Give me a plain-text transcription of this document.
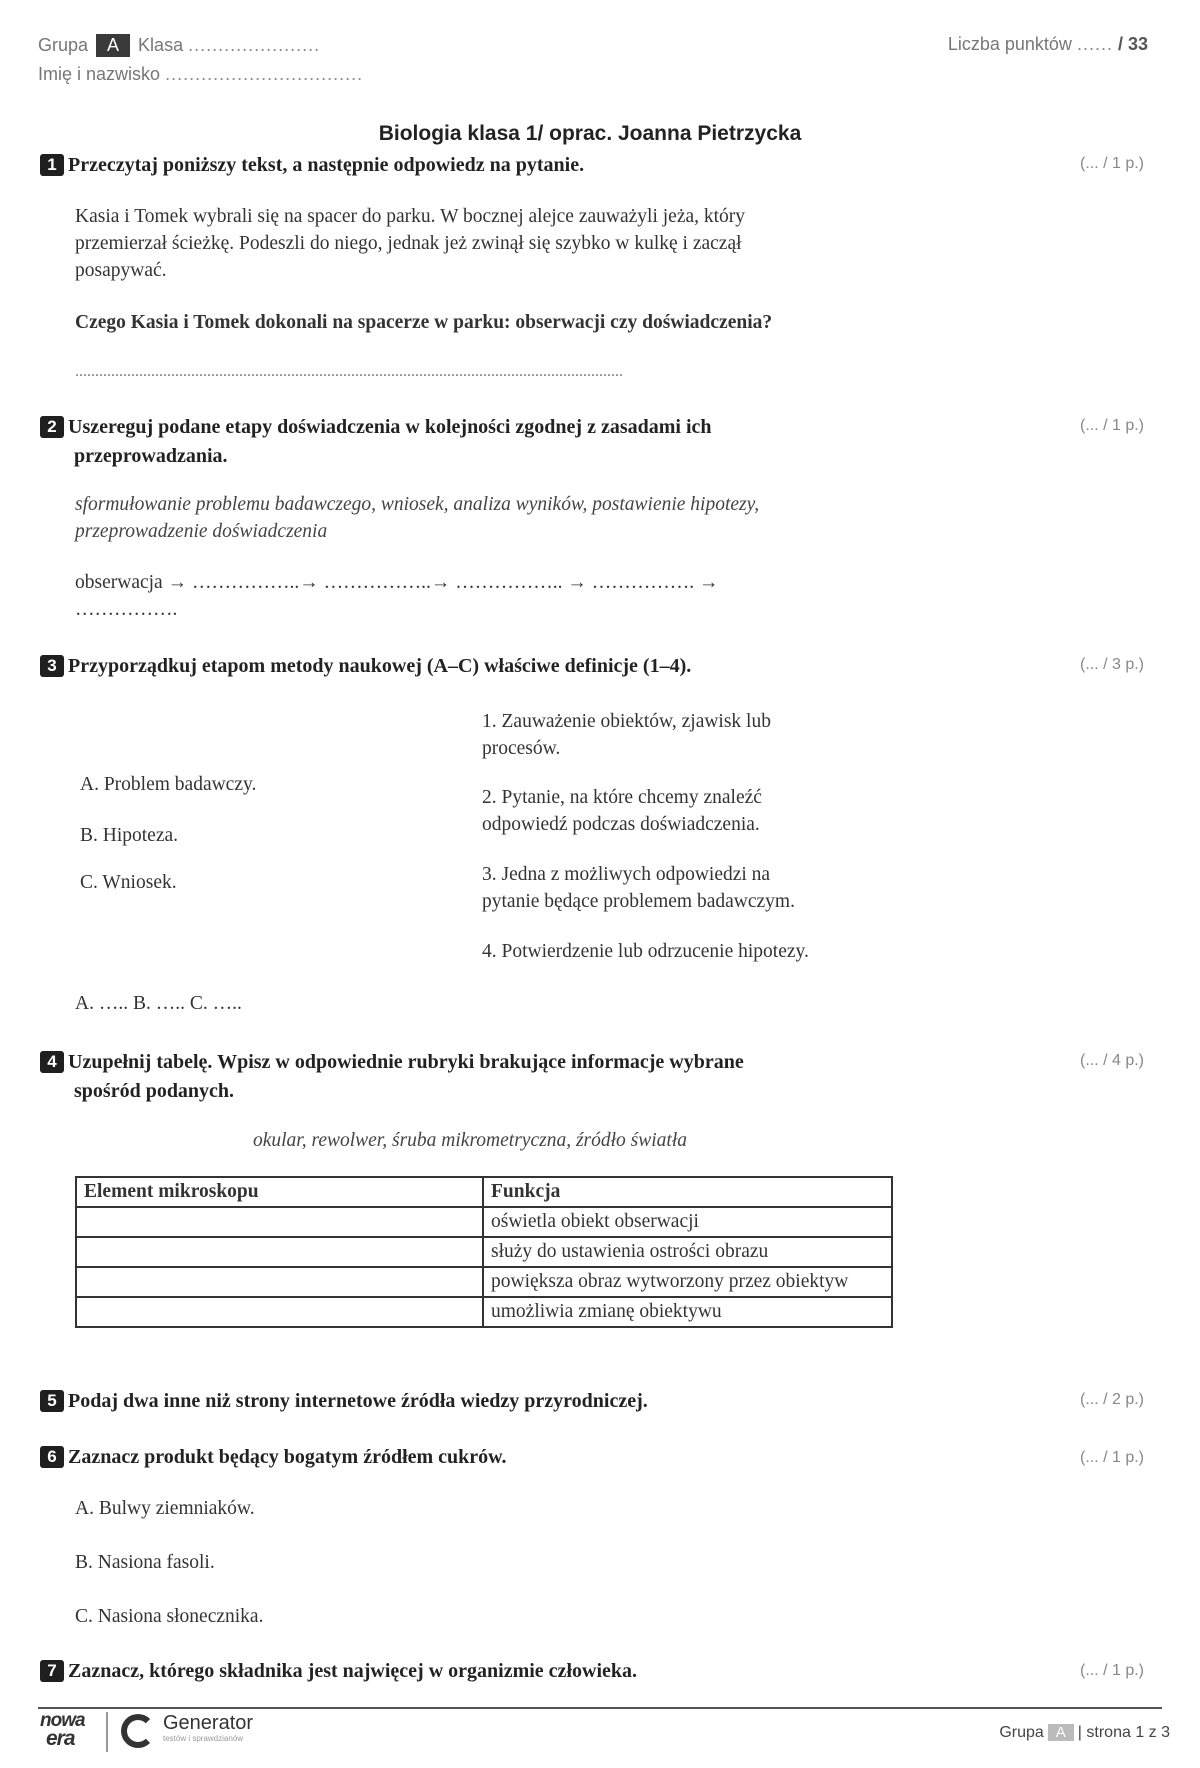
Grupa A Klasa ......................
Imię i nazwisko .................................
Liczba punktów ...... / 33
Biologia klasa 1/ oprac. Joanna Pietrzycka
1 Przeczytaj poniższy tekst, a następnie odpowiedz na pytanie.	(... / 1 p.)
Kasia i Tomek wybrali się na spacer do parku. W bocznej alejce zauważyli jeża, który
przemierzał ścieżkę. Podeszli do niego, jednak jeż zwinął się szybko w kulkę i zaczął
posapywać.
Czego Kasia i Tomek dokonali na spacerze w parku: obserwacji czy doświadczenia?
.........................................................................................................................................
2 Uszereguj podane etapy doświadczenia w kolejności zgodnej z zasadami ich
przeprowadzania.
(... / 1 p.)
sformułowanie problemu badawczego, wniosek, analiza wyników, postawienie hipotezy,
przeprowadzenie doświadczenia
obserwacja → ……………..→ ……………..→ …………….. → ……………. →
…………….
3 Przyporządkuj etapom metody naukowej (A–C) właściwe definicje (1–4).	(... / 3 p.)
A. Problem badawczy.
B. Hipoteza.
C. Wniosek.
1. Zauważenie obiektów, zjawisk lub
procesów.
2. Pytanie, na które chcemy znaleźć
odpowiedź podczas doświadczenia.
3. Jedna z możliwych odpowiedzi na
pytanie będące problemem badawczym.
4. Potwierdzenie lub odrzucenie hipotezy.
A. ….. B. ….. C. …..
4 Uzupełnij tabelę. Wpisz w odpowiednie rubryki brakujące informacje wybrane
spośród podanych.
(... / 4 p.)
okular, rewolwer, śruba mikrometryczna, źródło światła
Element mikroskopu	Funkcja
	oświetla obiekt obserwacji
	służy do ustawienia ostrości obrazu
	powiększa obraz wytworzony przez obiektyw
	umożliwia zmianę obiektywu
5 Podaj dwa inne niż strony internetowe źródła wiedzy przyrodniczej.	(... / 2 p.)
6 Zaznacz produkt będący bogatym źródłem cukrów.	(... / 1 p.)
A. Bulwy ziemniaków.
B. Nasiona fasoli.
C. Nasiona słonecznika.
7 Zaznacz, którego składnika jest najwięcej w organizmie człowieka.	(... / 1 p.)
nowa
era
Generator
testów i sprawdzianów	Grupa A | strona 1 z 3
